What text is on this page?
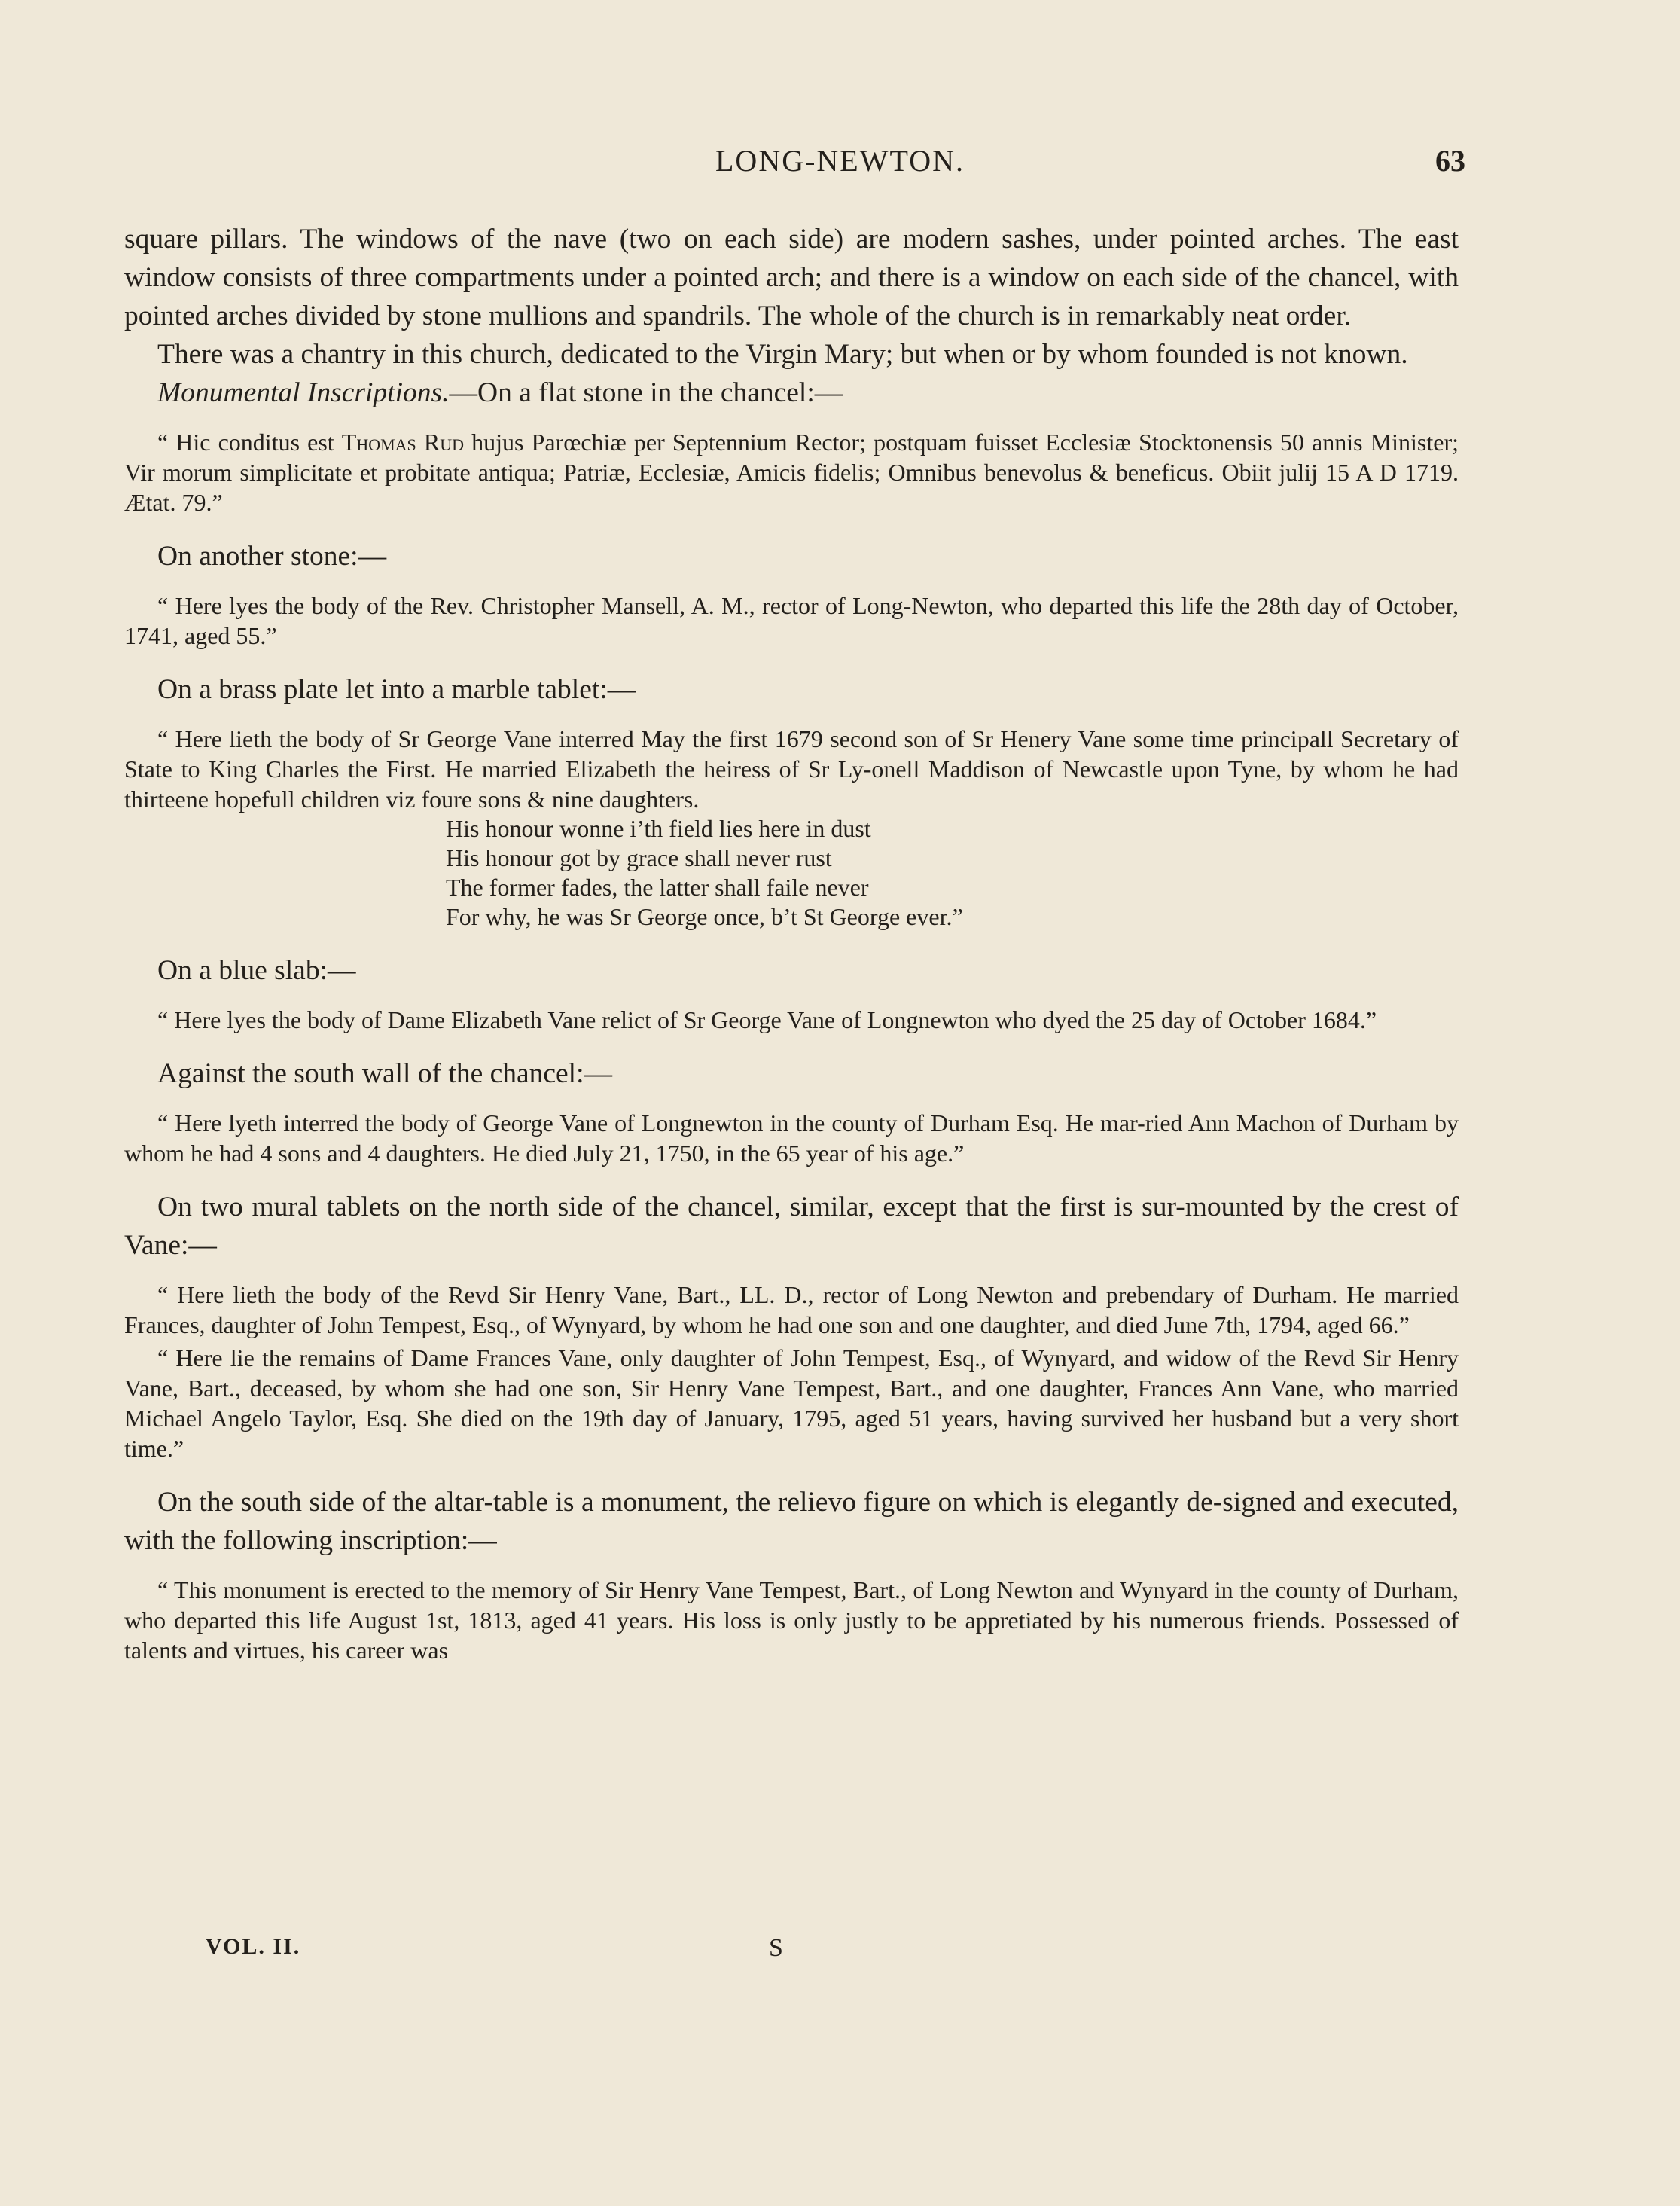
LONG-NEWTON.	63

square pillars. The windows of the nave (two on each side) are modern sashes, under pointed arches. The east window consists of three compartments under a pointed arch; and there is a window on each side of the chancel, with pointed arches divided by stone mullions and spandrils. The whole of the church is in remarkably neat order.

There was a chantry in this church, dedicated to the Virgin Mary; but when or by whom founded is not known.

Monumental Inscriptions.—On a flat stone in the chancel:—

“ Hic conditus est Thomas Rud hujus Parœchiæ per Septennium Rector; postquam fuisset Ecclesiæ Stocktonensis 50 annis Minister; Vir morum simplicitate et probitate antiqua; Patriæ, Ecclesiæ, Amicis fidelis; Omnibus benevolus & beneficus. Obiit julij 15 A D 1719. Ætat. 79.”

On another stone:—

“ Here lyes the body of the Rev. Christopher Mansell, A. M., rector of Long-Newton, who departed this life the 28th day of October, 1741, aged 55.”

On a brass plate let into a marble tablet:—

“ Here lieth the body of Sr George Vane interred May the first 1679 second son of Sr Henery Vane some time principall Secretary of State to King Charles the First. He married Elizabeth the heiress of Sr Ly-onell Maddison of Newcastle upon Tyne, by whom he had thirteene hopefull children viz foure sons & nine daughters.

His honour wonne i’th field lies here in dust
His honour got by grace shall never rust
The former fades, the latter shall faile never
For why, he was Sr George once, b’t St George ever.”

On a blue slab:—

“ Here lyes the body of Dame Elizabeth Vane relict of Sr George Vane of Longnewton who dyed the 25 day of October 1684.”

Against the south wall of the chancel:—

“ Here lyeth interred the body of George Vane of Longnewton in the county of Durham Esq. He mar-ried Ann Machon of Durham by whom he had 4 sons and 4 daughters. He died July 21, 1750, in the 65 year of his age.”

On two mural tablets on the north side of the chancel, similar, except that the first is sur-mounted by the crest of Vane:—

“ Here lieth the body of the Revd Sir Henry Vane, Bart., LL. D., rector of Long Newton and prebendary of Durham. He married Frances, daughter of John Tempest, Esq., of Wynyard, by whom he had one son and one daughter, and died June 7th, 1794, aged 66.”

“ Here lie the remains of Dame Frances Vane, only daughter of John Tempest, Esq., of Wynyard, and widow of the Revd Sir Henry Vane, Bart., deceased, by whom she had one son, Sir Henry Vane Tempest, Bart., and one daughter, Frances Ann Vane, who married Michael Angelo Taylor, Esq. She died on the 19th day of January, 1795, aged 51 years, having survived her husband but a very short time.”

On the south side of the altar-table is a monument, the relievo figure on which is elegantly de-signed and executed, with the following inscription:—

“ This monument is erected to the memory of Sir Henry Vane Tempest, Bart., of Long Newton and Wynyard in the county of Durham, who departed this life August 1st, 1813, aged 41 years. His loss is only justly to be appretiated by his numerous friends. Possessed of talents and virtues, his career was

VOL. II.	S
